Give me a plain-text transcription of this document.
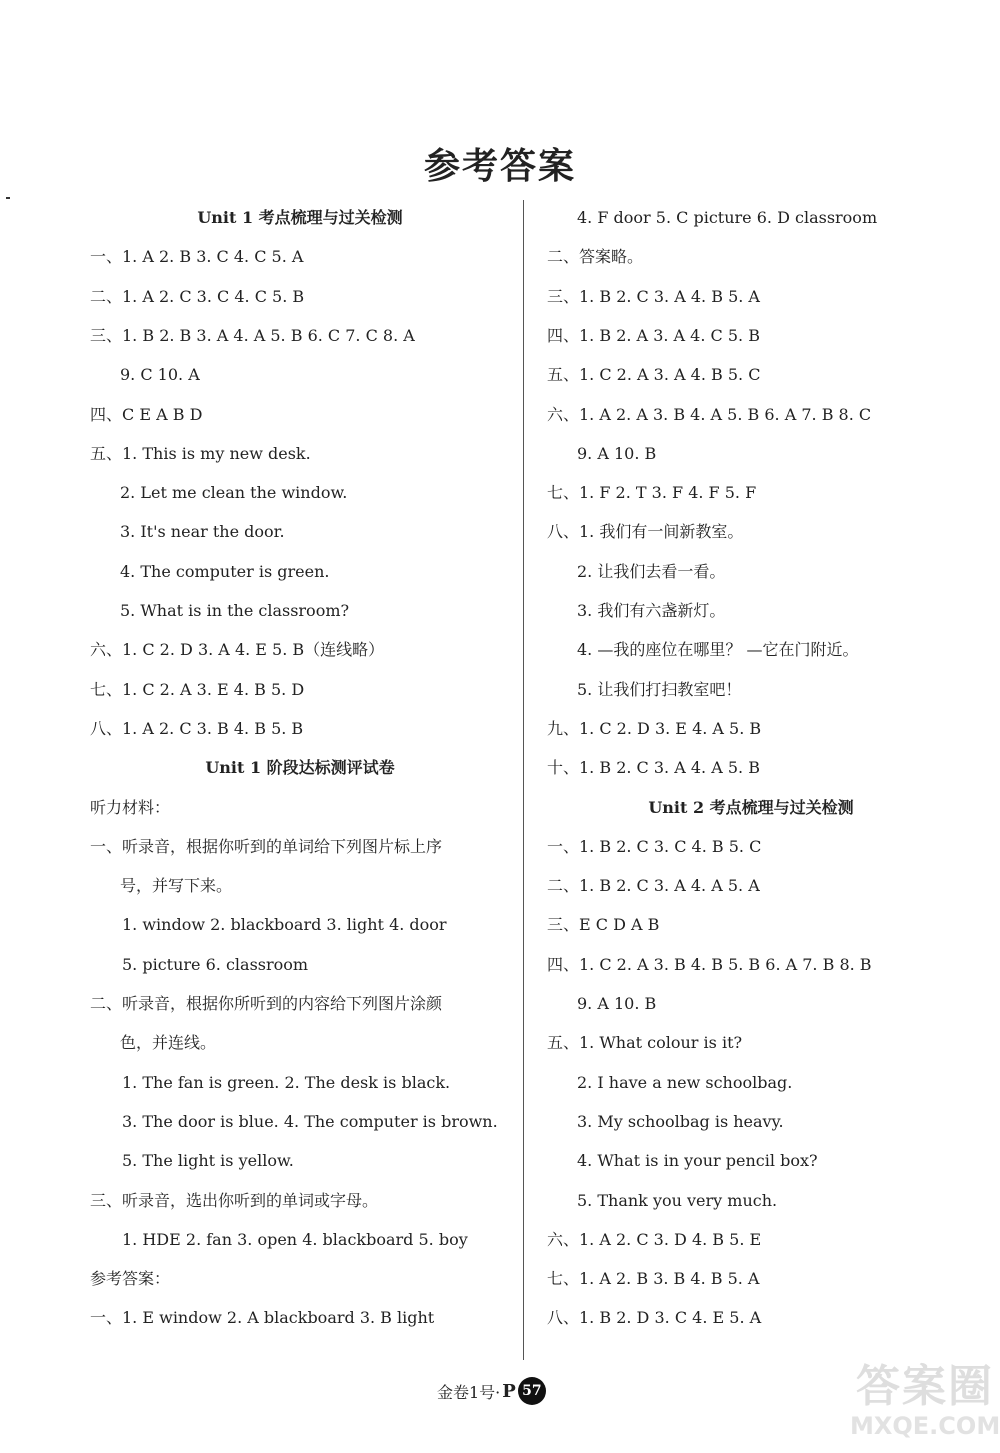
参考答案
Unit 1 考点梳理与过关检测
一、1. A 2. B 3. C 4. C 5. A
二、1. A 2. C 3. C 4. C 5. B
三、1. B 2. B 3. A 4. A 5. B 6. C 7. C 8. A
9. C 10. A
四、C E A B D
五、1. This is my new desk.
2. Let me clean the window.
3. It's near the door.
4. The computer is green.
5. What is in the classroom?
六、1. C 2. D 3. A 4. E 5. B（连线略）
七、1. C 2. A 3. E 4. B 5. D
八、1. A 2. C 3. B 4. B 5. B
Unit 1 阶段达标测评试卷
听力材料：
一、听录音，根据你听到的单词给下列图片标上序
号，并写下来。
1. window 2. blackboard 3. light 4. door
5. picture 6. classroom
二、听录音，根据你所听到的内容给下列图片涂颜
色，并连线。
1. The fan is green. 2. The desk is black.
3. The door is blue. 4. The computer is brown.
5. The light is yellow.
三、听录音，选出你听到的单词或字母。
1. HDE 2. fan 3. open 4. blackboard 5. boy
参考答案：
一、1. E window 2. A blackboard 3. B light
4. F door 5. C picture 6. D classroom
二、答案略。
三、1. B 2. C 3. A 4. B 5. A
四、1. B 2. A 3. A 4. C 5. B
五、1. C 2. A 3. A 4. B 5. C
六、1. A 2. A 3. B 4. A 5. B 6. A 7. B 8. C
9. A 10. B
七、1. F 2. T 3. F 4. F 5. F
八、1. 我们有一间新教室。
2. 让我们去看一看。
3. 我们有六盏新灯。
4. —我的座位在哪里？ —它在门附近。
5. 让我们打扫教室吧！
九、1. C 2. D 3. E 4. A 5. B
十、1. B 2. C 3. A 4. A 5. B
Unit 2 考点梳理与过关检测
一、1. B 2. C 3. C 4. B 5. C
二、1. B 2. C 3. A 4. A 5. A
三、E C D A B
四、1. C 2. A 3. B 4. B 5. B 6. A 7. B 8. B
9. A 10. B
五、1. What colour is it?
2. I have a new schoolbag.
3. My schoolbag is heavy.
4. What is in your pencil box?
5. Thank you very much.
六、1. A 2. C 3. D 4. B 5. E
七、1. A 2. B 3. B 4. B 5. A
八、1. B 2. D 3. C 4. E 5. A
金卷1号· P 57	答案圈
MXQE.COM
